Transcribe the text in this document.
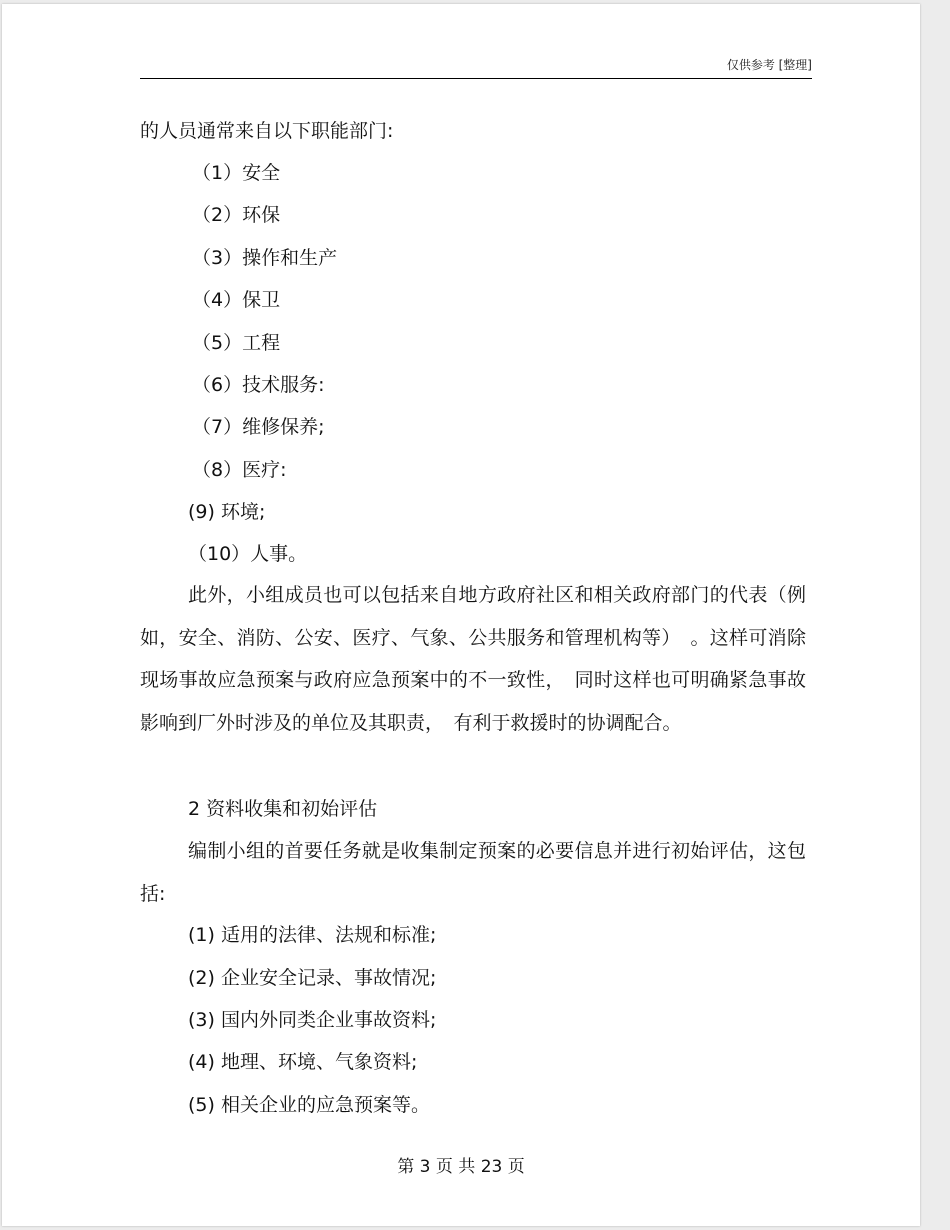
仅供参考 [整理]
的人员通常来自以下职能部门:
（1）安全
（2）环保
（3）操作和生产
（4）保卫
（5）工程
（6）技术服务:
（7）维修保养;
（8）医疗:
(9) 环境;
（10）人事。
此外，小组成员也可以包括来自地方政府社区和相关政府部门的代表（例如，安全、消防、公安、医疗、气象、公共服务和管理机构等）　。这样可消除现场事故应急预案与政府应急预案中的不一致性，　同时这样也可明确紧急事故影响到厂外时涉及的单位及其职责，　有利于救援时的协调配合。
2 资料收集和初始评估
编制小组的首要任务就是收集制定预案的必要信息并进行初始评估，这包括:
(1) 适用的法律、法规和标准;
(2) 企业安全记录、事故情况;
(3) 国内外同类企业事故资料;
(4) 地理、环境、气象资料;
(5) 相关企业的应急预案等。
第 3 页 共 23 页
